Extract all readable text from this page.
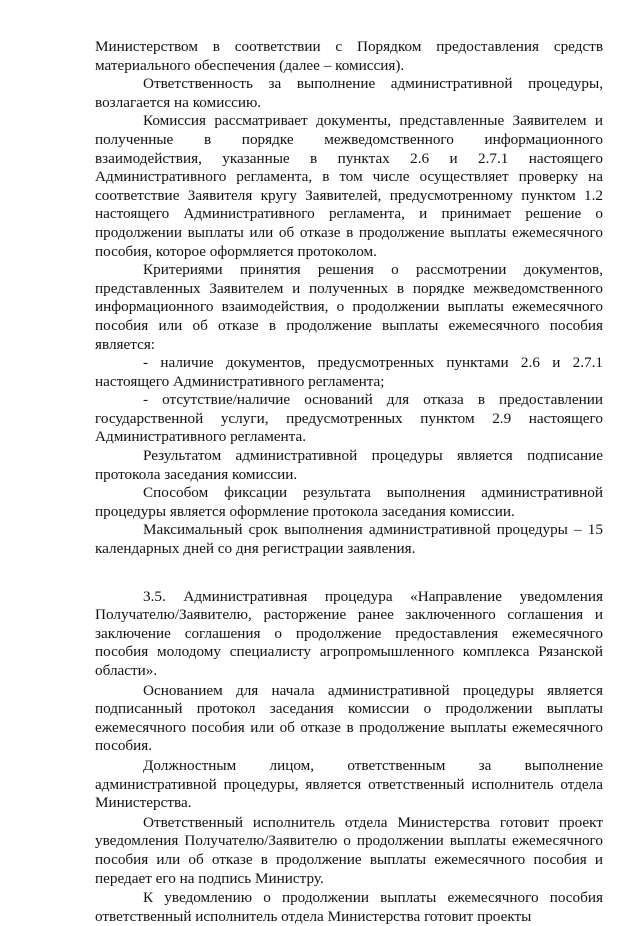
Министерством в соответствии с Порядком предоставления средств материального обеспечения (далее – комиссия).

Ответственность за выполнение административной процедуры, возлагается на комиссию.

Комиссия рассматривает документы, представленные Заявителем и полученные в порядке межведомственного информационного взаимодействия, указанные в пунктах 2.6 и 2.7.1 настоящего Административного регламента, в том числе осуществляет проверку на соответствие Заявителя кругу Заявителей, предусмотренному пунктом 1.2 настоящего Административного регламента, и принимает решение о продолжении выплаты или об отказе в продолжение выплаты ежемесячного пособия, которое оформляется протоколом.

Критериями принятия решения о рассмотрении документов, представленных Заявителем и полученных в порядке межведомственного информационного взаимодействия, о продолжении выплаты ежемесячного пособия или об отказе в продолжение выплаты ежемесячного пособия является:

- наличие документов, предусмотренных пунктами 2.6 и 2.7.1 настоящего Административного регламента;

- отсутствие/наличие оснований для отказа в предоставлении государственной услуги, предусмотренных пунктом 2.9 настоящего Административного регламента.

Результатом административной процедуры является подписание протокола заседания комиссии.

Способом фиксации результата выполнения административной процедуры является оформление протокола заседания комиссии.

Максимальный срок выполнения административной процедуры – 15 календарных дней со дня регистрации заявления.

3.5. Административная процедура «Направление уведомления Получателю/Заявителю, расторжение ранее заключенного соглашения и заключение соглашения о продолжение предоставления ежемесячного пособия молодому специалисту агропромышленного комплекса Рязанской области».

Основанием для начала административной процедуры является подписанный протокол заседания комиссии о продолжении выплаты ежемесячного пособия или об отказе в продолжение выплаты ежемесячного пособия.

Должностным лицом, ответственным за выполнение административной процедуры, является ответственный исполнитель отдела Министерства.

Ответственный исполнитель отдела Министерства готовит проект уведомления Получателю/Заявителю о продолжении выплаты ежемесячного пособия или об отказе в продолжение выплаты ежемесячного пособия и передает его на подпись Министру.

К уведомлению о продолжении выплаты ежемесячного пособия ответственный исполнитель отдела Министерства готовит проекты
